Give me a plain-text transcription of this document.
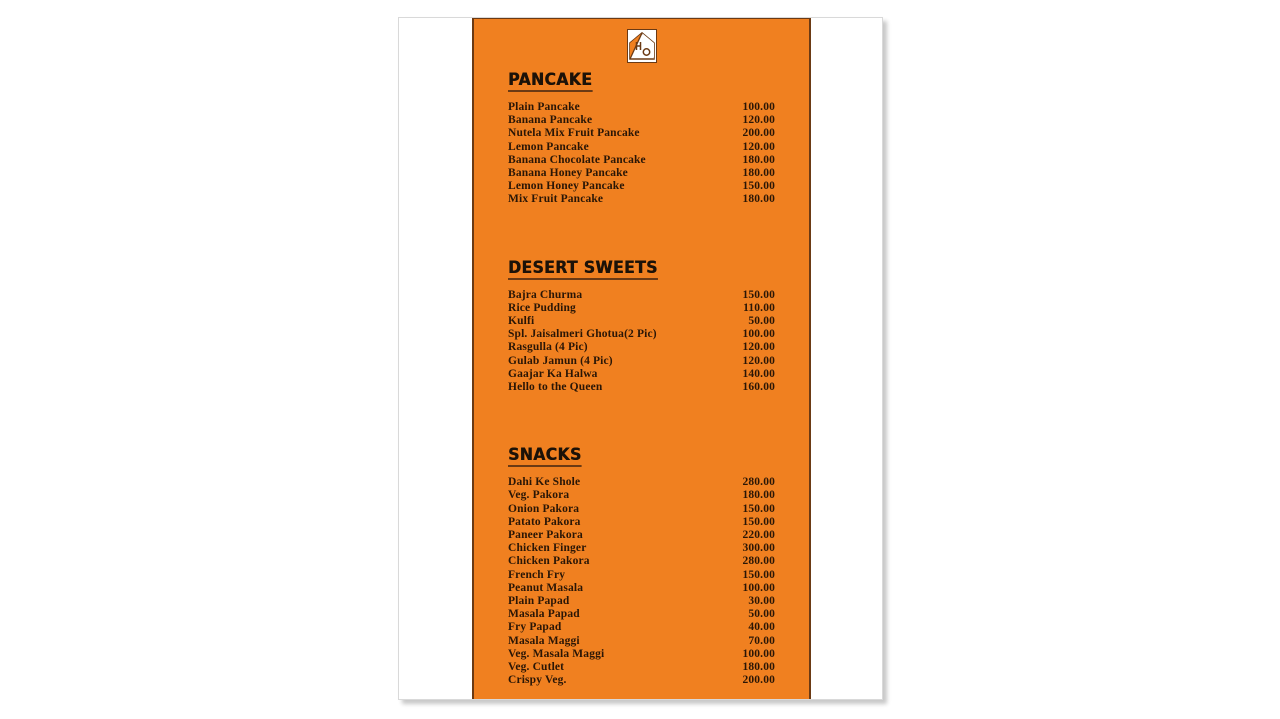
PANCAKE
Plain Pancake	100.00
Banana Pancake	120.00
Nutela Mix Fruit Pancake	200.00
Lemon Pancake	120.00
Banana Chocolate Pancake	180.00
Banana Honey Pancake	180.00
Lemon Honey Pancake	150.00
Mix Fruit Pancake	180.00
DESERT SWEETS
Bajra Churma	150.00
Rice Pudding	110.00
Kulfi	50.00
Spl. Jaisalmeri Ghotua(2 Pic)	100.00
Rasgulla (4 Pic)	120.00
Gulab Jamun (4 Pic)	120.00
Gaajar Ka Halwa	140.00
Hello to the Queen	160.00
SNACKS
Dahi Ke Shole	280.00
Veg. Pakora	180.00
Onion Pakora	150.00
Patato Pakora	150.00
Paneer Pakora	220.00
Chicken Finger	300.00
Chicken Pakora	280.00
French Fry	150.00
Peanut Masala	100.00
Plain Papad	30.00
Masala Papad	50.00
Fry Papad	40.00
Masala Maggi	70.00
Veg. Masala Maggi	100.00
Veg. Cutlet	180.00
Crispy Veg.	200.00
